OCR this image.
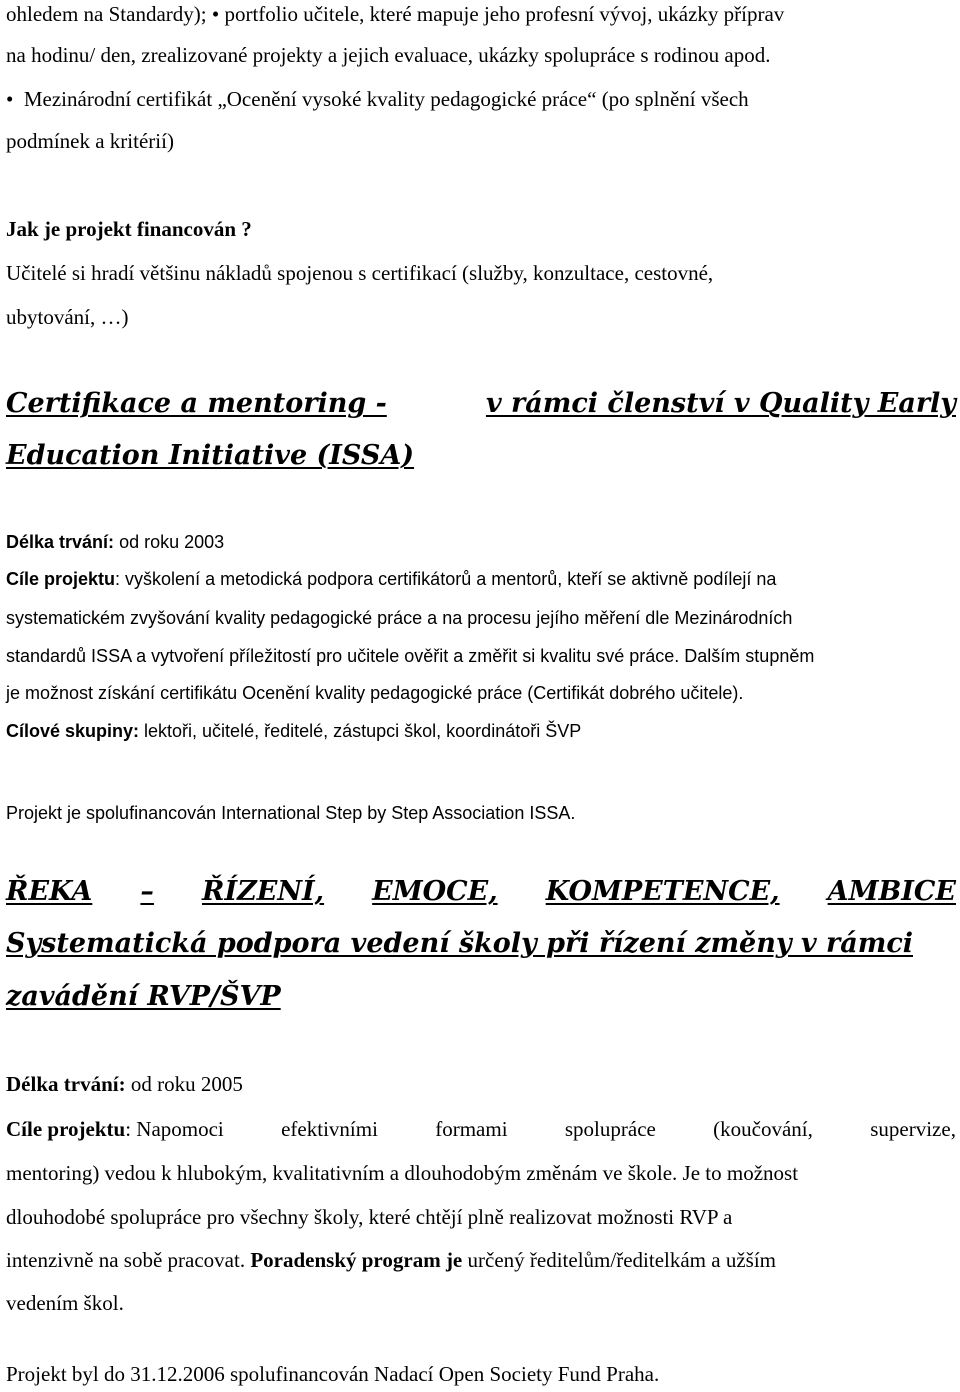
ohledem na Standardy); • portfolio učitele, které mapuje jeho profesní vývoj, ukázky příprav
na hodinu/ den, zrealizované projekty a jejich evaluace, ukázky spolupráce s rodinou apod.
• Mezinárodní certifikát „Ocenění vysoké kvality pedagogické práce“ (po splnění všech
podmínek a kritérií)
Jak je projekt financován ?
Učitelé si hradí většinu nákladů spojenou s certifikací (služby, konzultace, cestovné,
ubytování, …)
Certifikace a mentoring -	v rámci členství v Quality Early
Education Initiative (ISSA)
Délka trvání: od roku 2003
Cíle projektu: vyškolení a metodická podpora certifikátorů a mentorů, kteří se aktivně podílejí na
systematickém zvyšování kvality pedagogické práce a na procesu jejího měření dle Mezinárodních
standardů ISSA a vytvoření příležitostí pro učitele ověřit a změřit si kvalitu své práce. Dalším stupněm
je možnost získání certifikátu Ocenění kvality pedagogické práce (Certifikát dobrého učitele).
Cílové skupiny: lektoři, učitelé, ředitelé, zástupci škol, koordinátoři ŠVP
Projekt je spolufinancován International Step by Step Association ISSA.
ŘEKA – ŘÍZENÍ, EMOCE, KOMPETENCE, AMBICE
Systematická podpora vedení školy při řízení změny v rámci
zavádění RVP/ŠVP
Délka trvání: od roku 2005
Cíle projektu: Napomoci	efektivními	formami	spolupráce	(koučování,	supervize,
mentoring) vedou k hlubokým, kvalitativním a dlouhodobým změnám ve škole. Je to možnost
dlouhodobé spolupráce pro všechny školy, které chtějí plně realizovat možnosti RVP a
intenzivně na sobě pracovat. Poradenský program je určený ředitelům/ředitelkám a užším
vedením škol.
Projekt byl do 31.12.2006 spolufinancován Nadací Open Society Fund Praha.
